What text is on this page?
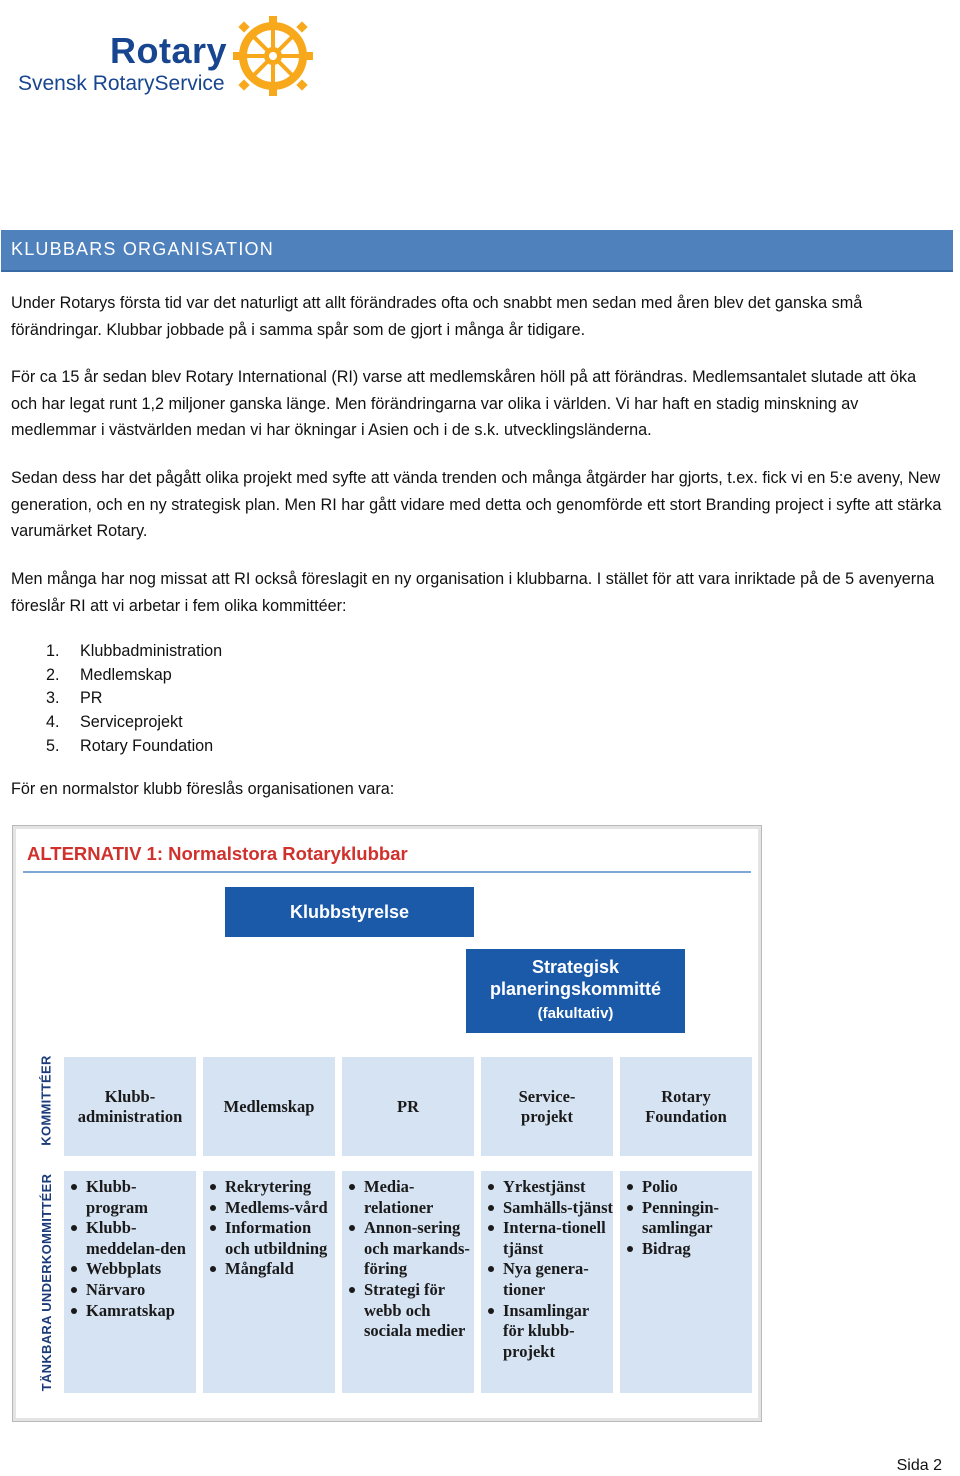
Rotary
Svensk RotaryService
KLUBBARS ORGANISATION

Under Rotarys första tid var det naturligt att allt förändrades ofta och snabbt men sedan med åren blev det ganska små förändringar. Klubbar jobbade på i samma spår som de gjort i många år tidigare.

För ca 15 år sedan blev Rotary International (RI) varse att medlemskåren höll på att förändras. Medlemsantalet slutade att öka och har legat runt 1,2 miljoner ganska länge. Men förändringarna var olika i världen. Vi har haft en stadig minskning av medlemmar i västvärlden medan vi har ökningar i Asien och i de s.k. utvecklingsländerna.

Sedan dess har det pågått olika projekt med syfte att vända trenden och många åtgärder har gjorts, t.ex. fick vi en 5:e aveny, New generation, och en ny strategisk plan. Men RI har gått vidare med detta och genomförde ett stort Branding project i syfte att stärka varumärket Rotary.

Men många har nog missat att RI också föreslagit en ny organisation i klubbarna. I stället för att vara inriktade på de 5 avenyerna föreslår RI att vi arbetar i fem olika kommittéer:

1.	Klubbadministration
2.	Medlemskap
3.	PR
4.	Serviceprojekt
5.	Rotary Foundation

För en normalstor klubb föreslås organisationen vara:

ALTERNATIV 1: Normalstora Rotaryklubbar
Klubbstyrelse
Strategisk
planeringskommitté
(fakultativ)
KOMMITTÉER
TÄNKBARA UNDERKOMMITTÉER
Klubb-
administration
Medlemskap	PR
Service-
projekt
Rotary
Foundation
Klubb-program
Klubb-meddelan-den
Webbplats
Närvaro
Kamratskap
Rekrytering
Medlems-vård
Information och utbildning
Mångfald
Media-relationer
Annon-sering och markands-föring
Strategi för webb och sociala medier
Yrkestjänst
Samhälls-tjänst
Interna-tionell tjänst
Nya genera-tioner
Insamlingar för klubb-projekt
Polio
Penningin-samlingar
Bidrag
Sida 2
